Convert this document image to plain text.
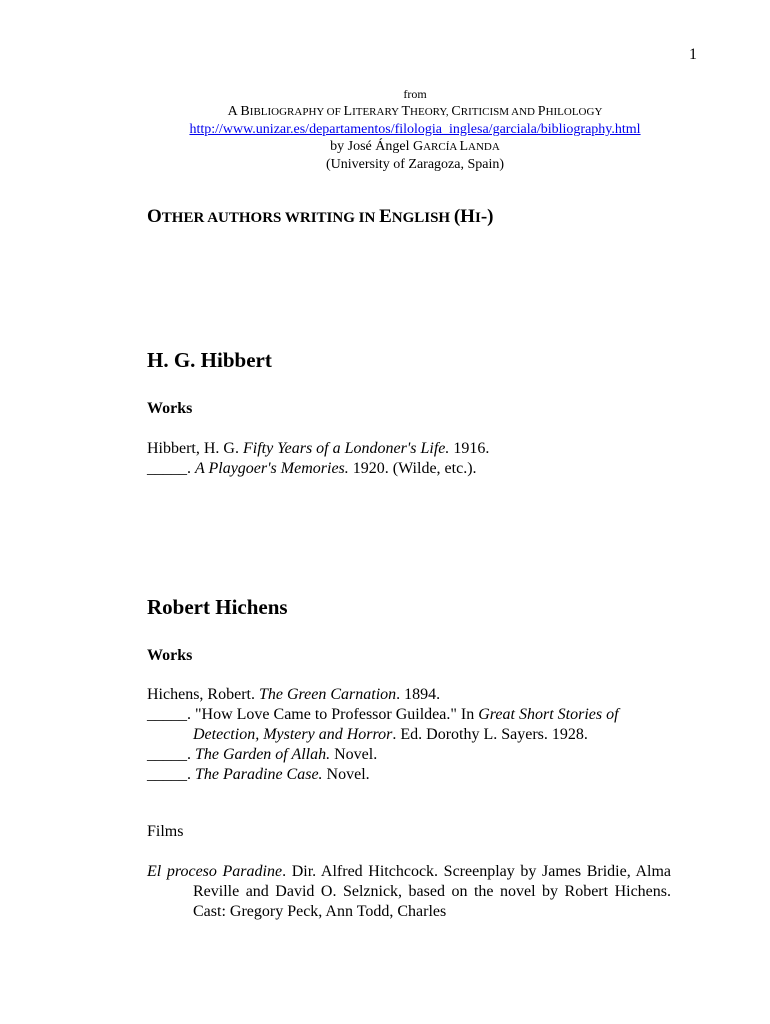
1
from
A BIBLIOGRAPHY OF LITERARY THEORY, CRITICISM AND PHILOLOGY
http://www.unizar.es/departamentos/filologia_inglesa/garciala/bibliography.html
by José Ángel GARCÍA LANDA
(University of Zaragoza, Spain)
OTHER AUTHORS WRITING IN ENGLISH (HI-)
H. G. Hibbert
Works
Hibbert, H. G. Fifty Years of a Londoner's Life. 1916.
_____. A Playgoer's Memories. 1920. (Wilde, etc.).
Robert Hichens
Works
Hichens, Robert. The Green Carnation. 1894.
_____. "How Love Came to Professor Guildea." In Great Short Stories of Detection, Mystery and Horror. Ed. Dorothy L. Sayers. 1928.
_____. The Garden of Allah. Novel.
_____. The Paradine Case. Novel.
Films
El proceso Paradine. Dir. Alfred Hitchcock. Screenplay by James Bridie, Alma Reville and David O. Selznick, based on the novel by Robert Hichens. Cast: Gregory Peck, Ann Todd, Charles
